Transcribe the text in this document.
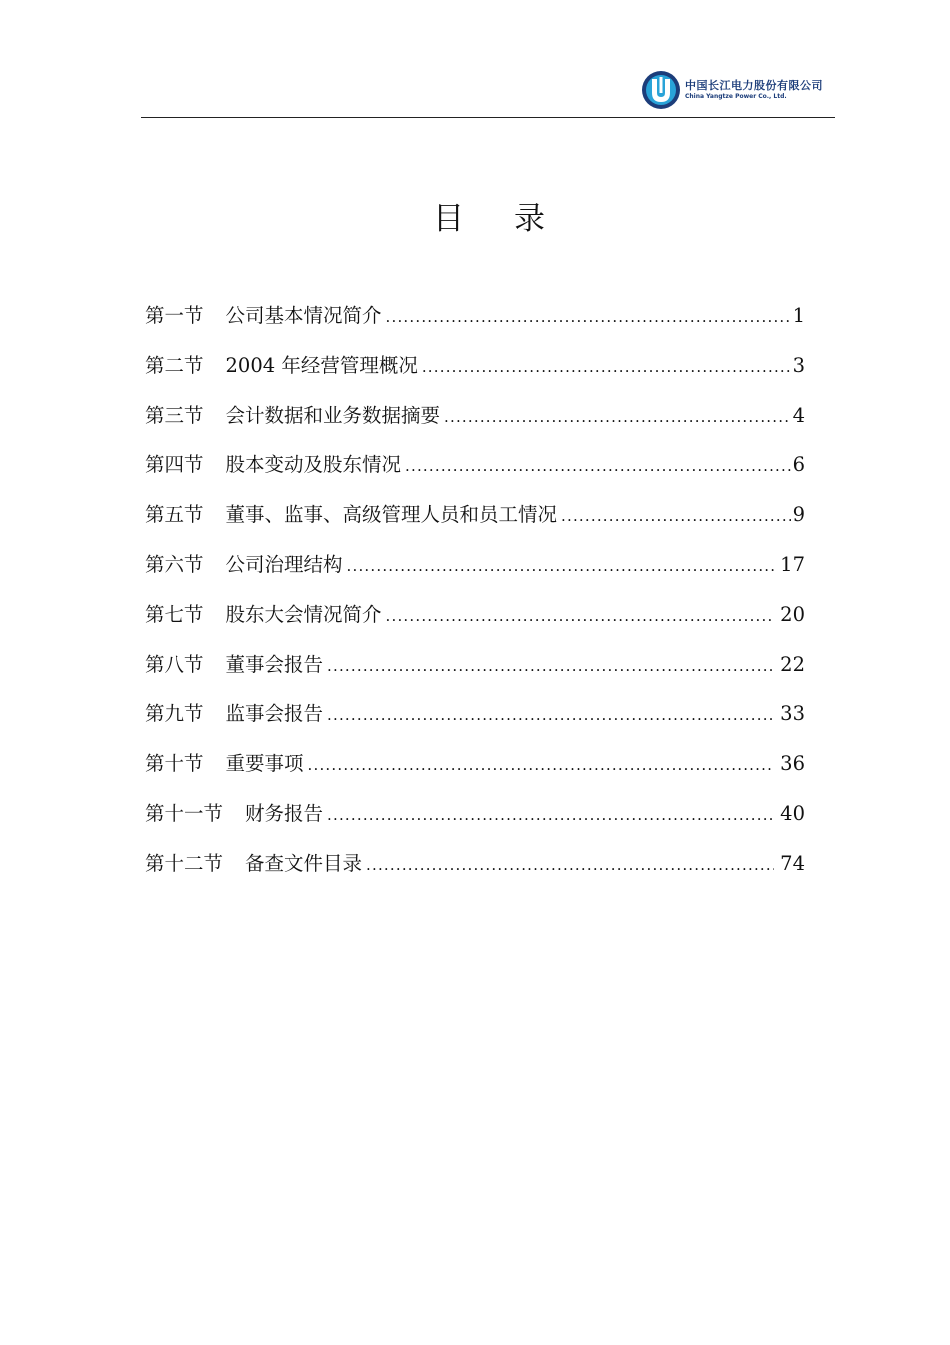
中国长江电力股份有限公司
China Yangtze Power Co., Ltd.
目 录
第一节	公司基本情况简介 .....	1
第二节	2004 年经营管理概况 .....	3
第三节	会计数据和业务数据摘要 .....	4
第四节	股本变动及股东情况 .....	6
第五节	董事、监事、高级管理人员和员工情况 .....	9
第六节	公司治理结构 .....	17
第七节	股东大会情况简介 .....	20
第八节	董事会报告 .....	22
第九节	监事会报告 .....	33
第十节	重要事项 .....	36
第十一节	财务报告 .....	40
第十二节	备查文件目录 .....	74
